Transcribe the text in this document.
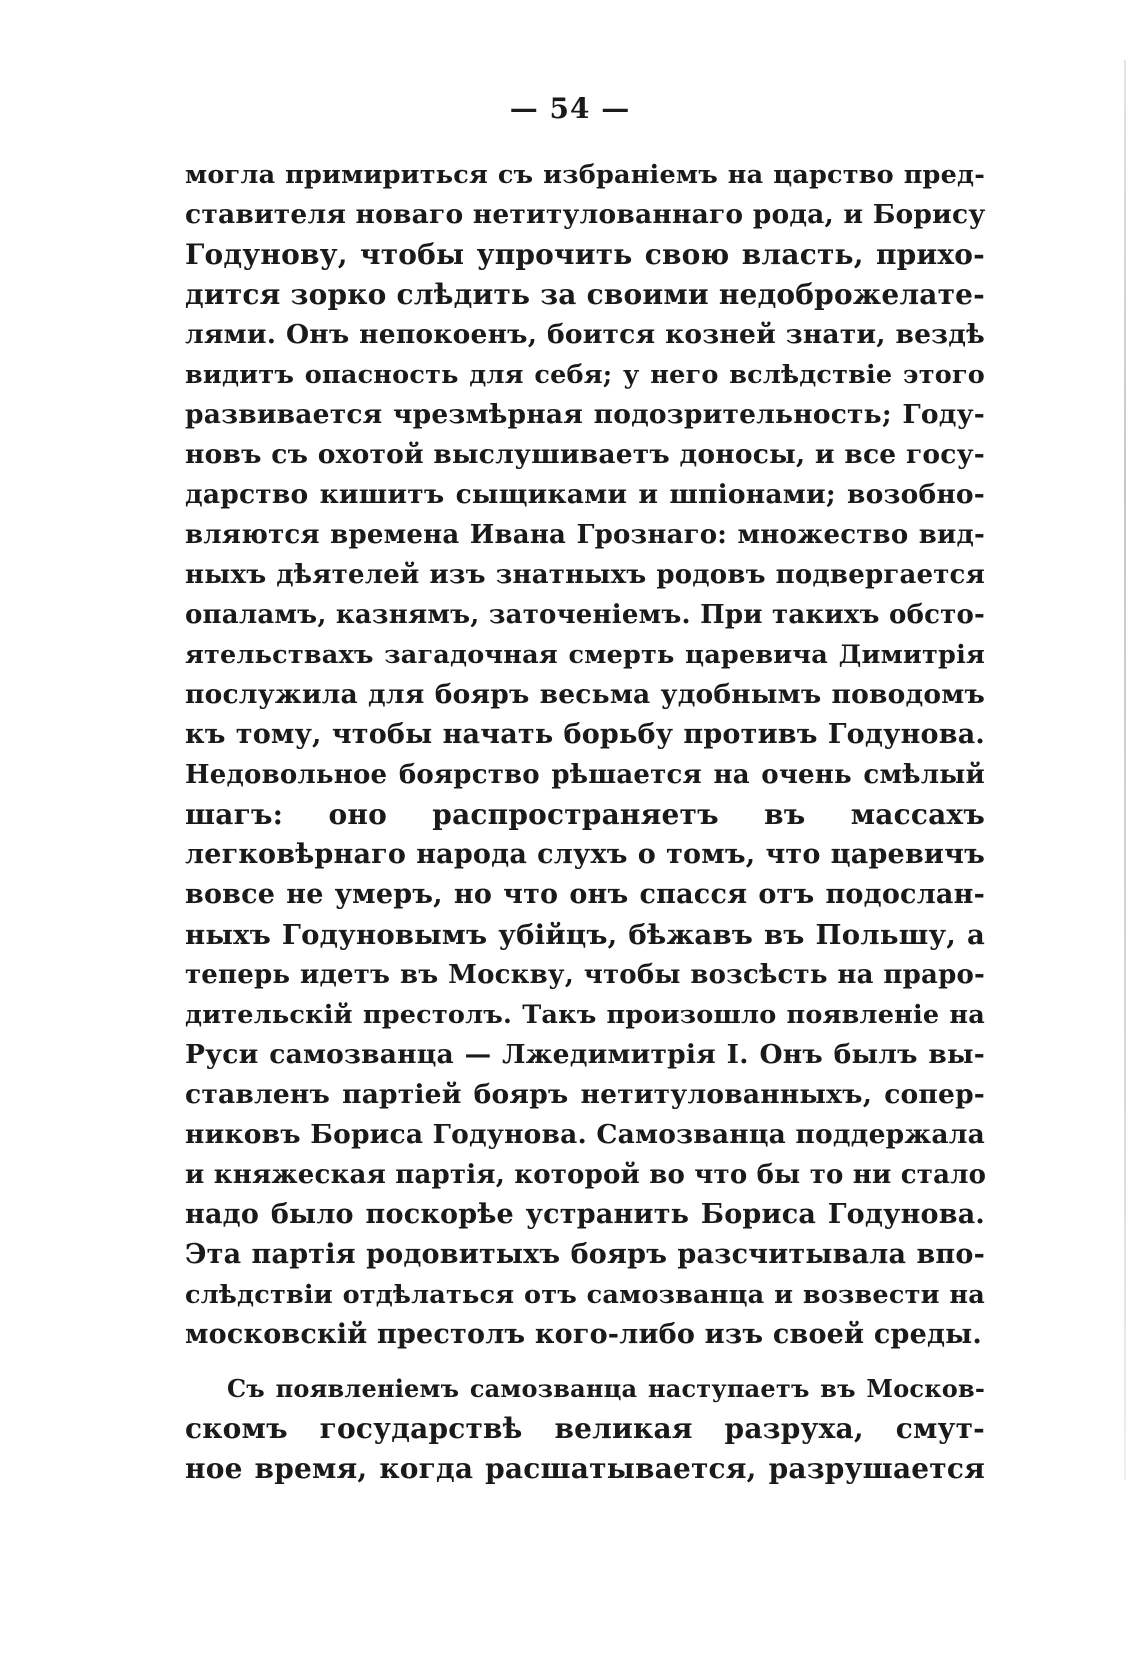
— 54 —
могла примириться съ избраніемъ на царство пред-
ставителя новаго нетитулованнаго рода, и Борису
Годунову, чтобы упрочить свою власть, прихо-
дится зорко слѣдить за своими недоброжелате-
лями. Онъ непокоенъ, боится козней знати, вездѣ
видитъ опасность для себя; у него вслѣдствіе этого
развивается чрезмѣрная подозрительность; Году-
новъ съ охотой выслушиваетъ доносы, и все госу-
дарство кишитъ сыщиками и шпіонами; возобно-
вляются времена Ивана Грознаго: множество вид-
ныхъ дѣятелей изъ знатныхъ родовъ подвергается
опаламъ, казнямъ, заточеніемъ. При такихъ обсто-
ятельствахъ загадочная смерть царевича Димитрія
послужила для бояръ весьма удобнымъ поводомъ
къ тому, чтобы начать борьбу противъ Годунова.
Недовольное боярство рѣшается на очень смѣлый
шагъ: оно распространяетъ въ массахъ
легковѣрнаго народа слухъ о томъ, что царевичъ
вовсе не умеръ, но что онъ спасся отъ подослан-
ныхъ Годуновымъ убійцъ, бѣжавъ въ Польшу, а
теперь идетъ въ Москву, чтобы возсѣсть на праро-
дительскій престолъ. Такъ произошло появленіе на
Руси самозванца — Лжедимитрія I. Онъ былъ вы-
ставленъ партіей бояръ нетитулованныхъ, сопер-
никовъ Бориса Годунова. Самозванца поддержала
и княжеская партія, которой во что бы то ни стало
надо было поскорѣе устранить Бориса Годунова.
Эта партія родовитыхъ бояръ разсчитывала впо-
слѣдствіи отдѣлаться отъ самозванца и возвести на
московскій престолъ кого-либо изъ своей среды.
Съ появленіемъ самозванца наступаетъ въ Москов-
скомъ государствѣ великая разруха, смут-
ное время, когда расшатывается, разрушается
